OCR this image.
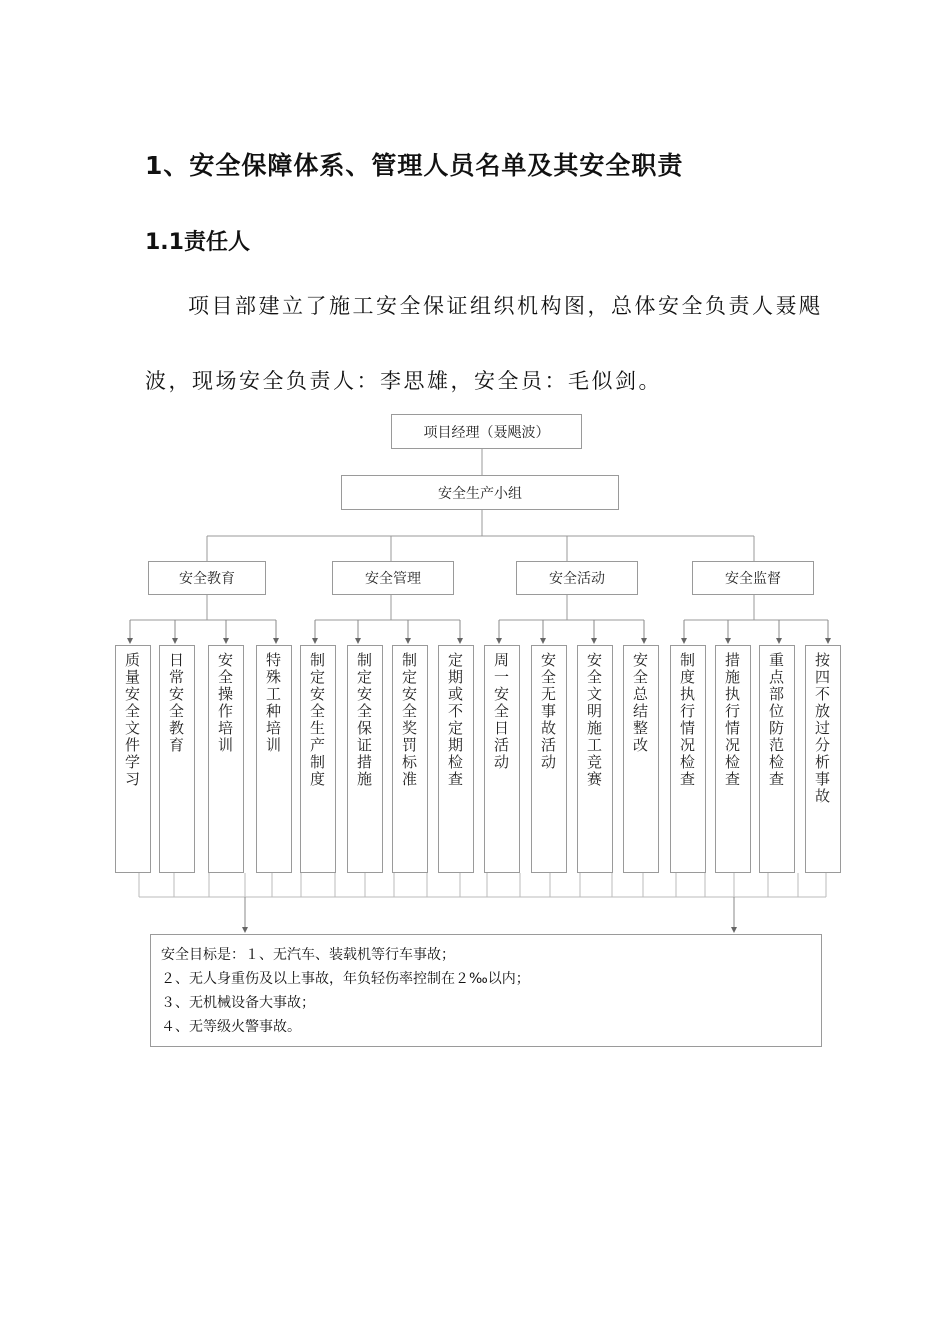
1、安全保障体系、管理人员名单及其安全职责
1.1责任人
项目部建立了施工安全保证组织机构图，总体安全负责人聂飓
波，现场安全负责人：李思雄，安全员：毛似剑。
项目经理（聂飓波）
安全生产小组
安全教育	安全管理	安全活动	安全监督
质量安全文件学习	日常安全教育	安全操作培训	特殊工种培训	制定安全生产制度	制定安全保证措施	制定安全奖罚标准	定期或不定期检查	周一安全日活动	安全无事故活动	安全文明施工竞赛	安全总结整改	制度执行情况检查	措施执行情况检查	重点部位防范检查	按四不放过分析事故
安全目标是：１、无汽车、装载机等行车事故；
２、无人身重伤及以上事故，年负轻伤率控制在２‰以内；
３、无机械设备大事故；
４、无等级火警事故。
